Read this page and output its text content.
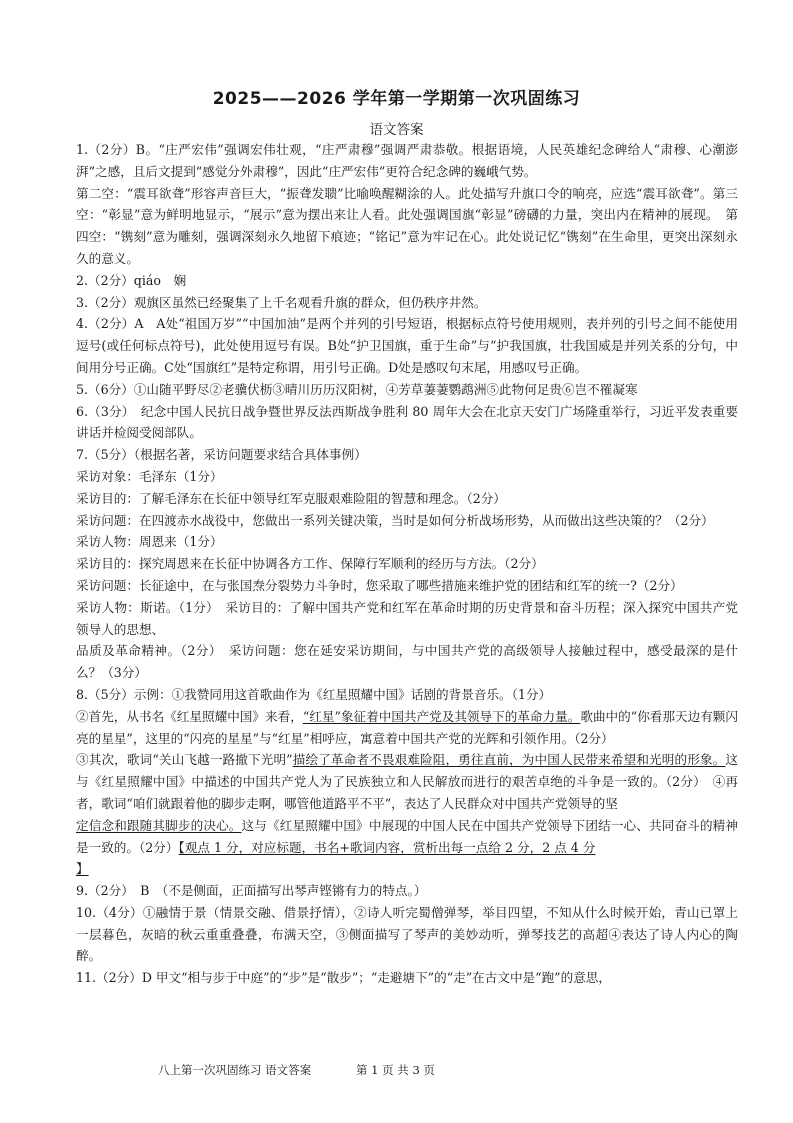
2025——2026 学年第一学期第一次巩固练习
语文答案

1.（2分）B。“庄严宏伟”强调宏伟壮观，“庄严肃穆”强调严肃恭敬。根据语境，人民英雄纪念碑给人“肃穆、心潮澎湃”之感，且后文提到“感觉分外肃穆”，因此“庄严宏伟”更符合纪念碑的巍峨气势。

第二空：“震耳欲聋”形容声音巨大，“振聋发聩”比喻唤醒糊涂的人。此处描写升旗口令的响亮，应选“震耳欲聋”。第三空：“彰显”意为鲜明地显示，“展示”意为摆出来让人看。此处强调国旗“彰显”磅礴的力量，突出内在精神的展现。　第四空：“镌刻”意为雕刻，强调深刻永久地留下痕迹；“铭记”意为牢记在心。此处说记忆“镌刻”在生命里，更突出深刻永久的意义。

2.（2分）qiáo　娴

3.（2分）观旗区虽然已经聚集了上千名观看升旗的群众，但仍秩序井然。

4.（2分）A　A处“祖国万岁”“中国加油”是两个并列的引号短语，根据标点符号使用规则，表并列的引号之间不能使用逗号(或任何标点符号)，此处使用逗号有误。B处“护卫国旗，重于生命”与“护我国旗，壮我国威是并列关系的分句，中间用分号正确。C处“国旗红”是特定称谓，用引号正确。D处是感叹句末尾，用感叹号正确。

5.（6分）①山随平野尽②老骥伏枥③晴川历历汉阳树，④芳草萋萋鹦鹉洲⑤此物何足贵⑥岂不罹凝寒

6.（3分）　纪念中国人民抗日战争暨世界反法西斯战争胜利 80 周年大会在北京天安门广场隆重举行，习近平发表重要讲话并检阅受阅部队。

7.（5分）（根据名著，采访问题要求结合具体事例）

采访对象：毛泽东（1分）

采访目的：了解毛泽东在长征中领导红军克服艰难险阻的智慧和理念。（2分）

采访问题：在四渡赤水战役中，您做出一系列关键决策，当时是如何分析战场形势，从而做出这些决策的？（2分）

采访人物：周恩来（1分）

采访目的：探究周恩来在长征中协调各方工作、保障行军顺利的经历与方法。（2分）

采访问题：长征途中，在与张国焘分裂势力斗争时，您采取了哪些措施来维护党的团结和红军的统一?（2分）

采访人物：斯诺。（1分）　采访目的：了解中国共产党和红军在革命时期的历史背景和奋斗历程；深入探究中国共产党领导人的思想、

品质及革命精神。（2分）　采访问题：您在延安采访期间，与中国共产党的高级领导人接触过程中，感受最深的是什么？（3分）

8.（5分）示例：①我赞同用这首歌曲作为《红星照耀中国》话剧的背景音乐。（1分）

②首先，从书名《红星照耀中国》来看，“红星”象征着中国共产党及其领导下的革命力量。歌曲中的“你看那天边有颗闪亮的星星”，这里的“闪亮的星星”与“红星”相呼应，寓意着中国共产党的光辉和引领作用。（2分）

③其次，歌词“关山飞越一路撤下光明”描绘了革命者不畏艰难险阻，勇往直前，为中国人民带来希望和光明的形象。这与《红星照耀中国》中描述的中国共产党人为了民族独立和人民解放而进行的艰苦卓绝的斗争是一致的。（2分）　④再者，歌词“咱们就跟着他的脚步走啊，哪管他道路平不平”，表达了人民群众对中国共产党领导的坚

定信念和跟随其脚步的决心。这与《红星照耀中国》中展现的中国人民在中国共产党领导下团结一心、共同奋斗的精神是一致的。（2分）【观点 1 分，对应标题，书名+歌词内容，赏析出每一点给 2 分，2 点 4 分

】

9.（2分）　B　（不是侧面，正面描写出琴声铿锵有力的特点。）

10.（4分）①融情于景（情景交融、借景抒情），②诗人听完蜀僧弹琴，举目四望，不知从什么时候开始，青山已罩上一层暮色，灰暗的秋云重重叠叠，布满天空，③侧面描写了琴声的美妙动听，弹琴技艺的高超④表达了诗人内心的陶醉。

11.（2分）D 甲文“相与步于中庭”的“步”是“散步”；“走避塘下”的“走”在古文中是“跑”的意思，

八上第一次巩固练习 语文答案	第 1 页 共 3 页
